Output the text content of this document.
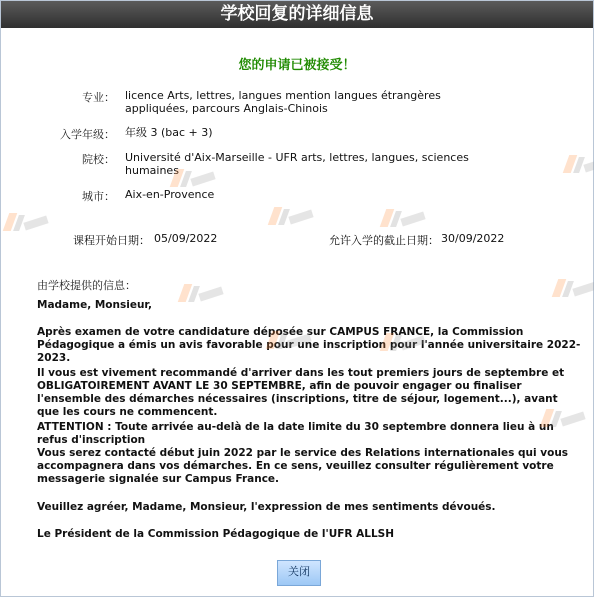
学校回复的详细信息
您的申请已被接受！
专业： licence Arts, lettres, langues mention langues étrangères appliquées, parcours Anglais-Chinois
入学年级： 年级 3 (bac + 3)
院校： Université d'Aix-Marseille - UFR arts, lettres, langues, sciences humaines
城市： Aix-en-Provence
课程开始日期： 05/09/2022	允许入学的截止日期： 30/09/2022
由学校提供的信息：
Madame, Monsieur,
Après examen de votre candidature déposée sur CAMPUS FRANCE, la Commission Pédagogique a émis un avis favorable pour une inscription pour l'année universitaire 2022-2023.
Il vous est vivement recommandé d'arriver dans les tout premiers jours de septembre et OBLIGATOIREMENT AVANT LE 30 SEPTEMBRE, afin de pouvoir engager ou finaliser l'ensemble des démarches nécessaires (inscriptions, titre de séjour, logement...), avant que les cours ne commencent.
ATTENTION : Toute arrivée au-delà de la date limite du 30 septembre donnera lieu à un refus d'inscription
Vous serez contacté début juin 2022 par le service des Relations internationales qui vous accompagnera dans vos démarches. En ce sens, veuillez consulter régulièrement votre messagerie signalée sur Campus France.
Veuillez agréer, Madame, Monsieur, l'expression de mes sentiments dévoués.
Le Président de la Commission Pédagogique de l'UFR ALLSH
关闭
